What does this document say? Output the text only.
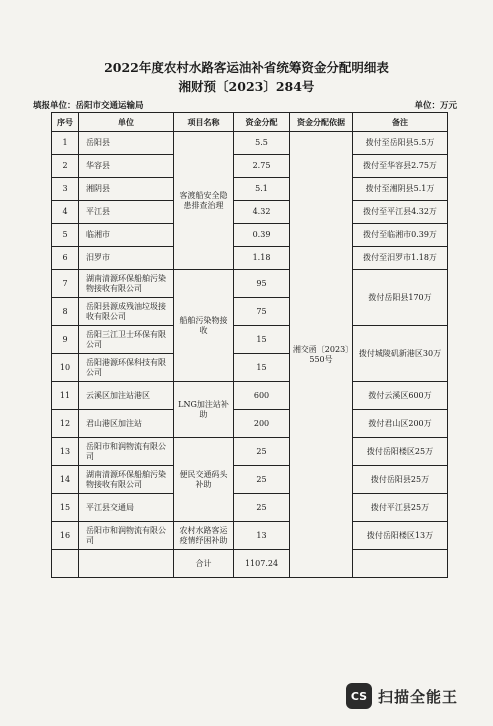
2022年度农村水路客运油补省统筹资金分配明细表
湘财预〔2023〕284号
填报单位：岳阳市交通运输局	单位：万元
序号	单位	项目名称	资金分配	资金分配依据	备注
1	岳阳县	客渡船安全隐患排查治理	5.5	湘交函〔2023〕550号	拨付至岳阳县5.5万
2	华容县		2.75		拨付至华容县2.75万
3	湘阴县		5.1		拨付至湘阴县5.1万
4	平江县		4.32		拨付至平江县4.32万
5	临湘市		0.39		拨付至临湘市0.39万
6	汨罗市		1.18		拨付至汨罗市1.18万
7	湖南清源环保船舶污染物接收有限公司	船舶污染物接收	95		拨付岳阳县170万
8	岳阳县源成残油垃圾接收有限公司		75		
9	岳阳三江卫士环保有限公司		15		拨付城陵矶新港区30万
10	岳阳港源环保科技有限公司		15		
11	云溪区加注站港区	LNG加注站补助	600		拨付云溪区600万
12	君山港区加注站		200		拨付君山区200万
13	岳阳市和润物流有限公司	便民交通码头补助	25		拨付岳阳楼区25万
14	湖南清源环保船舶污染物接收有限公司		25		拨付岳阳县25万
15	平江县交通局		25		拨付平江县25万
16	岳阳市和润物流有限公司	农村水路客运疫情纾困补助	13		拨付岳阳楼区13万
		合计	1107.24		
CS 扫描全能王
